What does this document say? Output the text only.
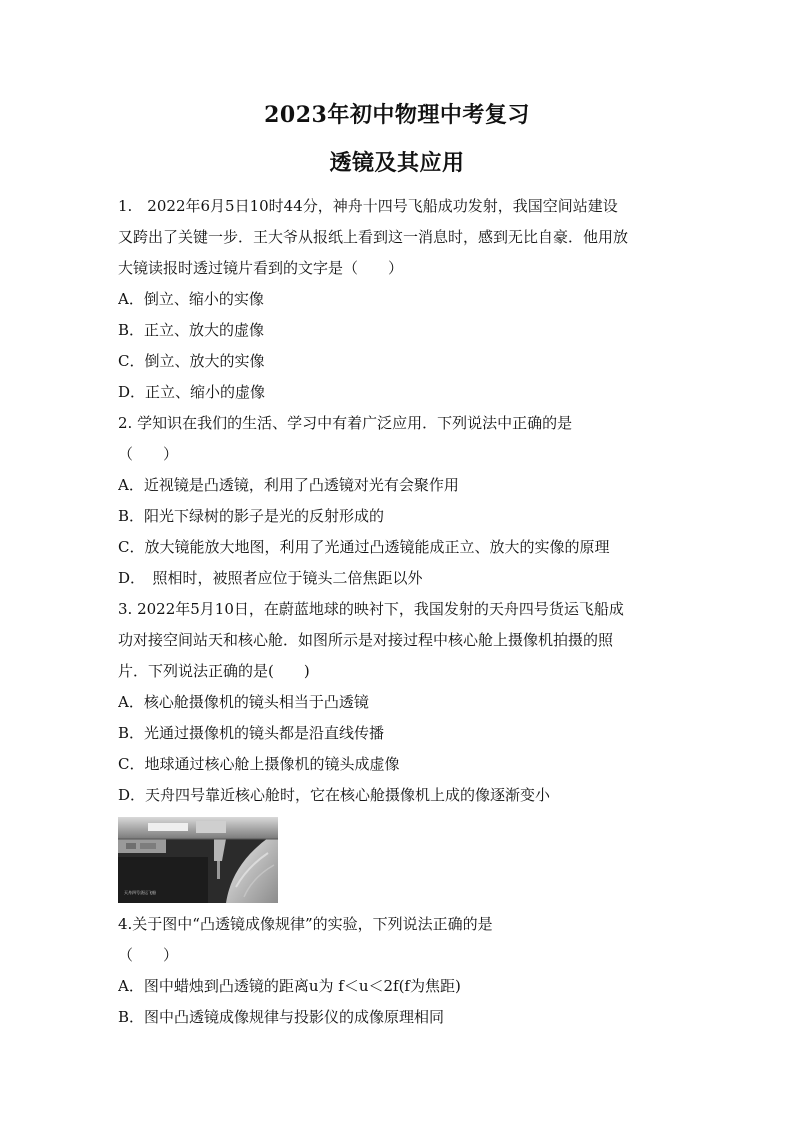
2023年初中物理中考复习
透镜及其应用
1.　2022年6月5日10时44分，神舟十四号飞船成功发射，我国空间站建设
又跨出了关键一步．王大爷从报纸上看到这一消息时，感到无比自豪．他用放
大镜读报时透过镜片看到的文字是（　　）
A．倒立、缩小的实像
B．正立、放大的虚像
C．倒立、放大的实像
D．正立、缩小的虚像
2. 学知识在我们的生活、学习中有着广泛应用．下列说法中正确的是
（　　）
A．近视镜是凸透镜，利用了凸透镜对光有会聚作用
B．阳光下绿树的影子是光的反射形成的
C．放大镜能放大地图，利用了光通过凸透镜能成正立、放大的实像的原理
D．　照相时，被照者应位于镜头二倍焦距以外
3. 2022年5月10日，在蔚蓝地球的映衬下，我国发射的天舟四号货运飞船成
功对接空间站天和核心舱．如图所示是对接过程中核心舱上摄像机拍摄的照
片．下列说法正确的是(　　)
A．核心舱摄像机的镜头相当于凸透镜
B．光通过摄像机的镜头都是沿直线传播
C．地球通过核心舱上摄像机的镜头成虚像
D．天舟四号靠近核心舱时，它在核心舱摄像机上成的像逐渐变小
天舟四号货运飞船
4.关于图中“凸透镜成像规律”的实验，下列说法正确的是
（　　）
A．图中蜡烛到凸透镜的距离u为 f＜u＜2f(f为焦距)
B．图中凸透镜成像规律与投影仪的成像原理相同
